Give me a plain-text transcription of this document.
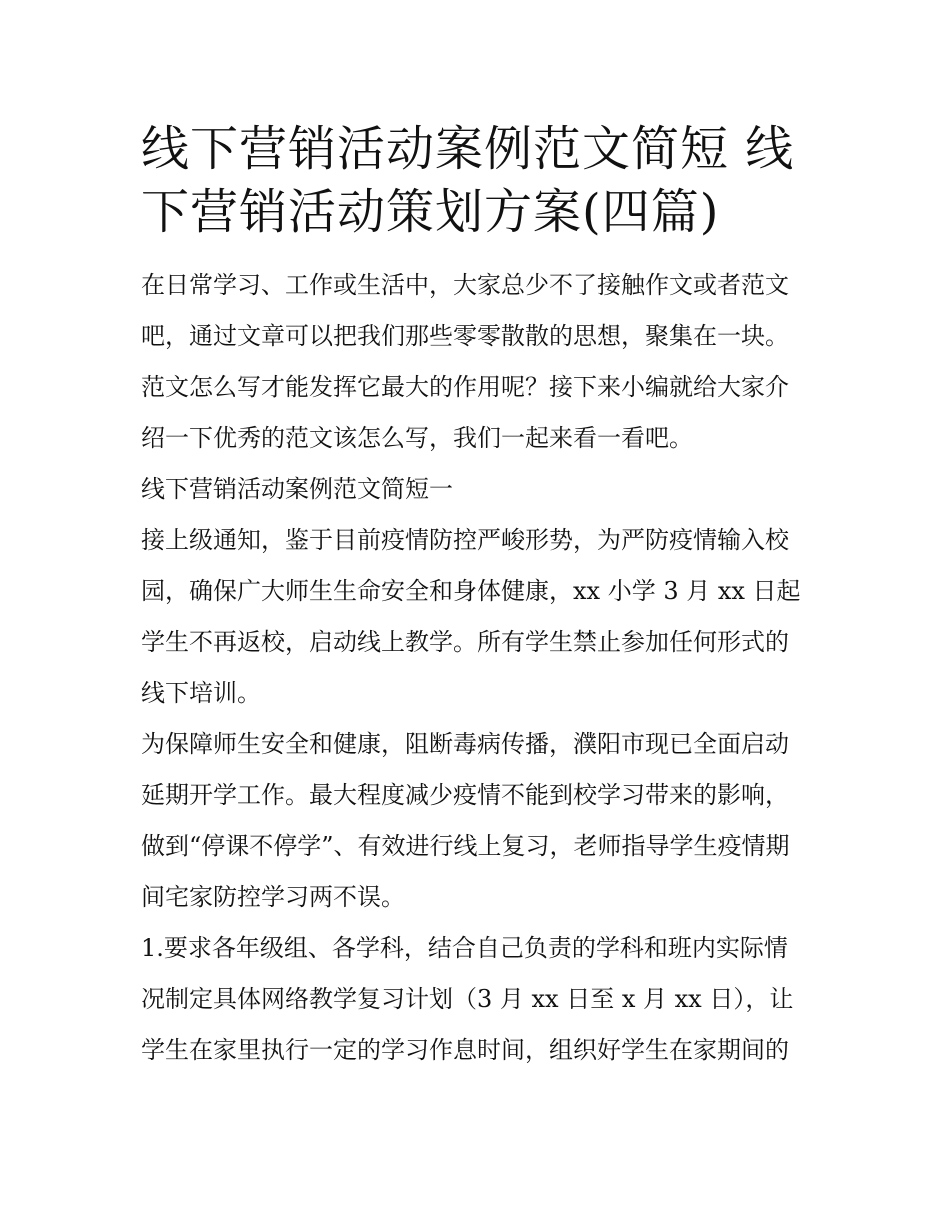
线下营销活动案例范文简短 线

下营销活动策划方案(四篇)

在日常学习、工作或生活中，大家总少不了接触作文或者范文

吧，通过文章可以把我们那些零零散散的思想，聚集在一块。

范文怎么写才能发挥它最大的作用呢？接下来小编就给大家介

绍一下优秀的范文该怎么写，我们一起来看一看吧。

线下营销活动案例范文简短一

接上级通知，鉴于目前疫情防控严峻形势，为严防疫情输入校

园，确保广大师生生命安全和身体健康，xx 小学 3 月 xx 日起

学生不再返校，启动线上教学。所有学生禁止参加任何形式的

线下培训。

为保障师生安全和健康，阻断毒病传播，濮阳市现已全面启动

延期开学工作。最大程度减少疫情不能到校学习带来的影响，

做到“停课不停学”、有效进行线上复习，老师指导学生疫情期

间宅家防控学习两不误。

1.要求各年级组、各学科，结合自己负责的学科和班内实际情

况制定具体网络教学复习计划（3 月 xx 日至 x 月 xx 日），让

学生在家里执行一定的学习作息时间，组织好学生在家期间的
